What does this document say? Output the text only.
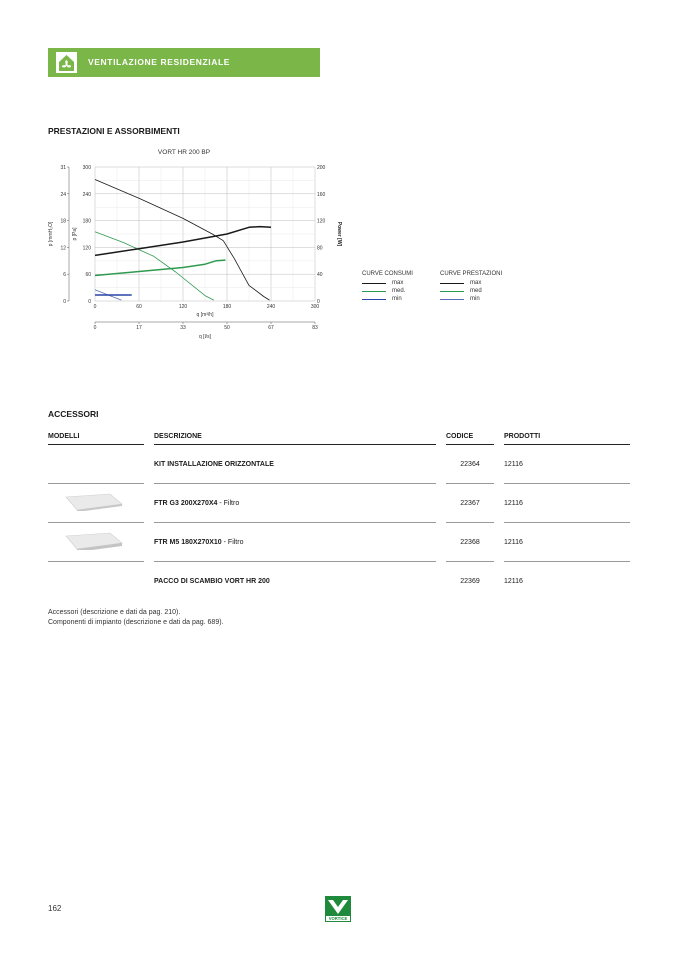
VENTILAZIONE RESIDENZIALE
PRESTAZIONI E ASSORBIMENTI
VORT HR 200 BP
0
6
12
18
24
31
p [mmH₂O]
0
60
120
180
240
300
p [Pa]
0
40
80
120
160
200
Power [W]
0	60	120	180	240	300
q [m³/h]
0	17	33	50	67	83
q [l/s]
CURVE CONSUMI
max
med.
min
CURVE PRESTAZIONI
max
med
min
ACCESSORI
MODELLI		DESCRIZIONE		CODICE		PRODOTTI
		KIT INSTALLAZIONE ORIZZONTALE		22364		12116
		FTR G3 200X270X4 - Filtro		22367		12116
		FTR M5 180X270X10 - Filtro		22368		12116
		PACCO DI SCAMBIO VORT HR 200		22369		12116
Accessori (descrizione e dati da pag. 210).
Componenti di impianto (descrizione e dati da pag. 689).
162
VORTICE
